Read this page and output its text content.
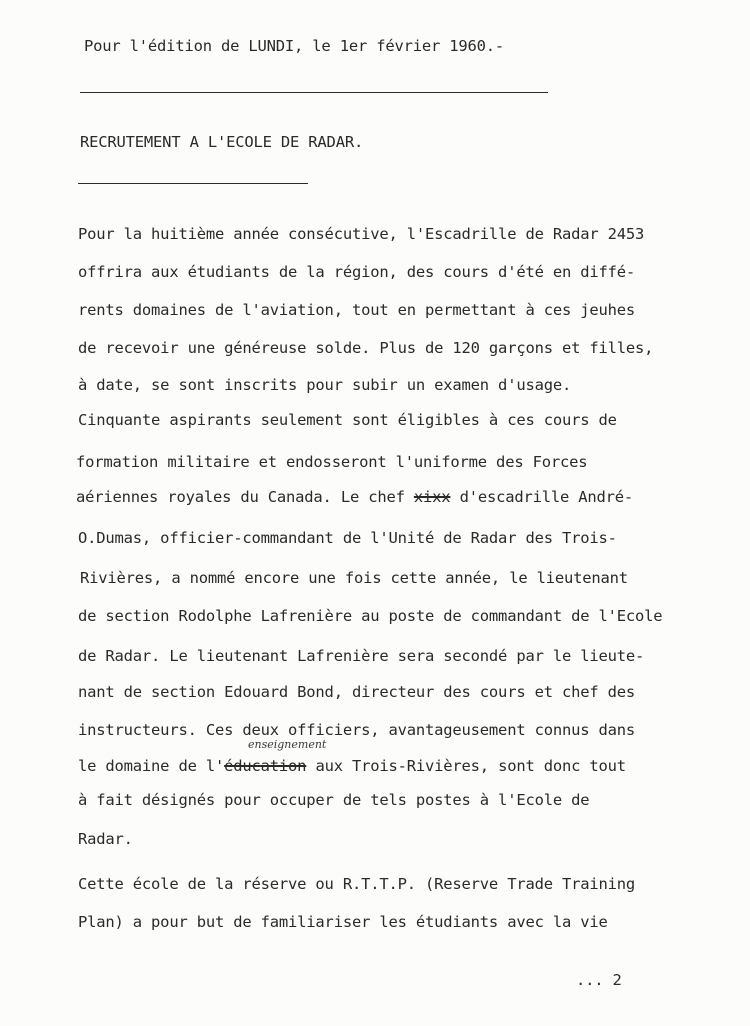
Pour l'édition de LUNDI, le 1er février 1960.-
RECRUTEMENT A L'ECOLE DE RADAR.
Pour la huitième année consécutive, l'Escadrille de Radar 2453
offrira aux étudiants de la région, des cours d'été en diffé-
rents domaines de l'aviation, tout en permettant à ces jeuhes
de recevoir une généreuse solde. Plus de 120 garçons et filles,
à date, se sont inscrits pour subir un examen d'usage.
Cinquante aspirants seulement sont éligibles à ces cours de
formation militaire et endosseront l'uniforme des Forces
aériennes royales du Canada. Le chef xixx d'escadrille André-
O.Dumas, officier-commandant de l'Unité de Radar des Trois-
Rivières, a nommé encore une fois cette année, le lieutenant
de section Rodolphe Lafrenière au poste de commandant de l'Ecole
de Radar. Le lieutenant Lafrenière sera secondé par le lieute-
nant de section Edouard Bond, directeur des cours et chef des
instructeurs. Ces deux officiers, avantageusement connus dans
enseignement
le domaine de l'éducation aux Trois-Rivières, sont donc tout
à fait désignés pour occuper de tels postes à l'Ecole de
Radar.
Cette école de la réserve ou R.T.T.P. (Reserve Trade Training
Plan) a pour but de familiariser les étudiants avec la vie
... 2
